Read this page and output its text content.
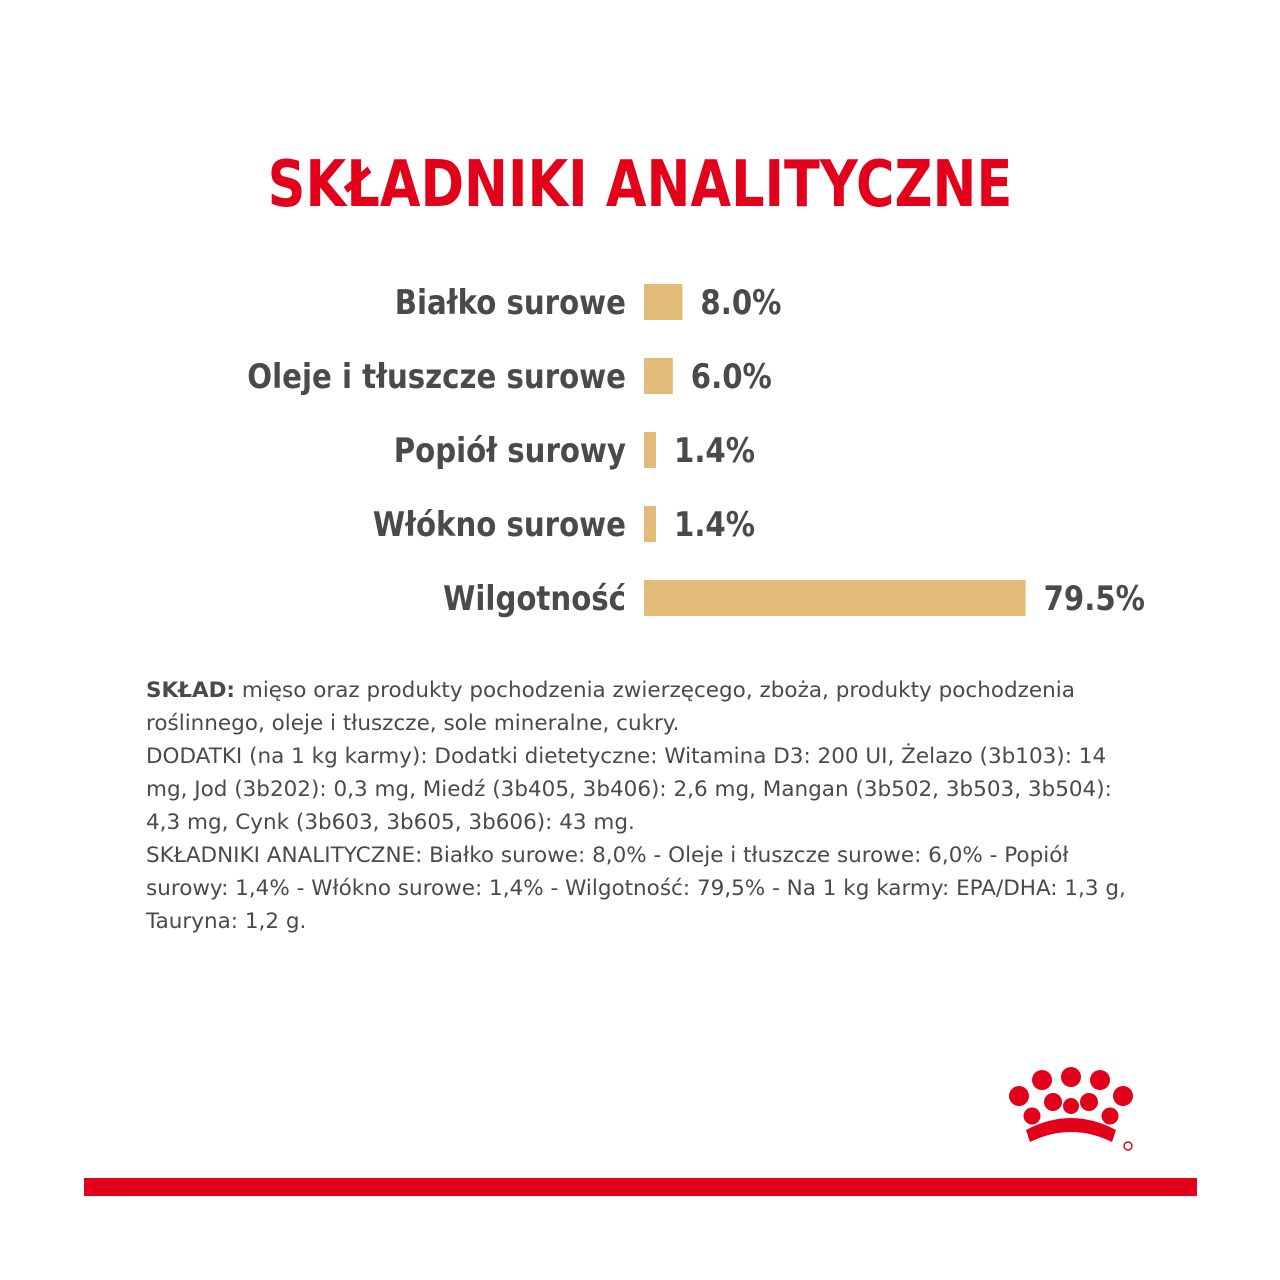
SKŁADNIKI ANALITYCZNE
Białko surowe 8.0%
Oleje i tłuszcze surowe 6.0%
Popiół surowy 1.4%
Włókno surowe 1.4%
Wilgotność	79.5%

SKŁAD: mięso oraz produkty pochodzenia zwierzęcego, zboża, produkty pochodzenia roślinnego, oleje i tłuszcze, sole mineralne, cukry.

DODATKI (na 1 kg karmy): Dodatki dietetyczne: Witamina D3: 200 UI, Żelazo (3b103): 14 mg, Jod (3b202): 0,3 mg, Miedź (3b405, 3b406): 2,6 mg, Mangan (3b502, 3b503, 3b504): 4,3 mg, Cynk (3b603, 3b605, 3b606): 43 mg.

SKŁADNIKI ANALITYCZNE: Białko surowe: 8,0% - Oleje i tłuszcze surowe: 6,0% - Popiół surowy: 1,4% - Włókno surowe: 1,4% - Wilgotność: 79,5% - Na 1 kg karmy: EPA/DHA: 1,3 g, Tauryna: 1,2 g.
